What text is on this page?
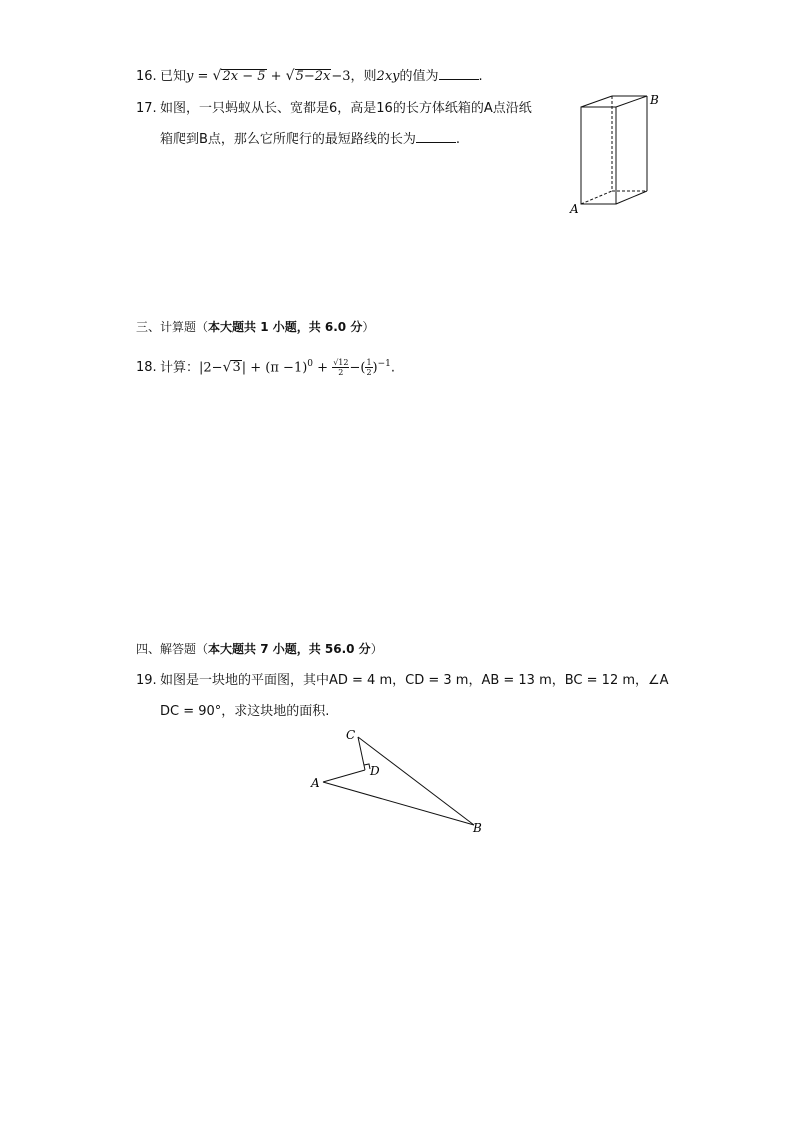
16. 已知y = √2x − 5 + √5−2x−3，则2xy的值为	.
17. 如图，一只蚂蚁从长、宽都是6，高是16的长方体纸箱的A点沿纸
箱爬到B点，那么它所爬行的最短路线的长为	.
B
A
三、计算题（本大题共 1 小题，共 6.0 分）
18. 计算：$|2-√3| + (\pi -1)^0 + \frac{√12}{2}$ −( $\frac{1}{2} )^{-1}$.
四、解答题（本大题共 7 小题，共 56.0 分）
19. 如图是一块地的平面图，其中AD = 4 m，CD = 3 m，AB = 13 m，BC = 12 m，∠A
DC = 90°，求这块地的面积.
C
D
A
B
